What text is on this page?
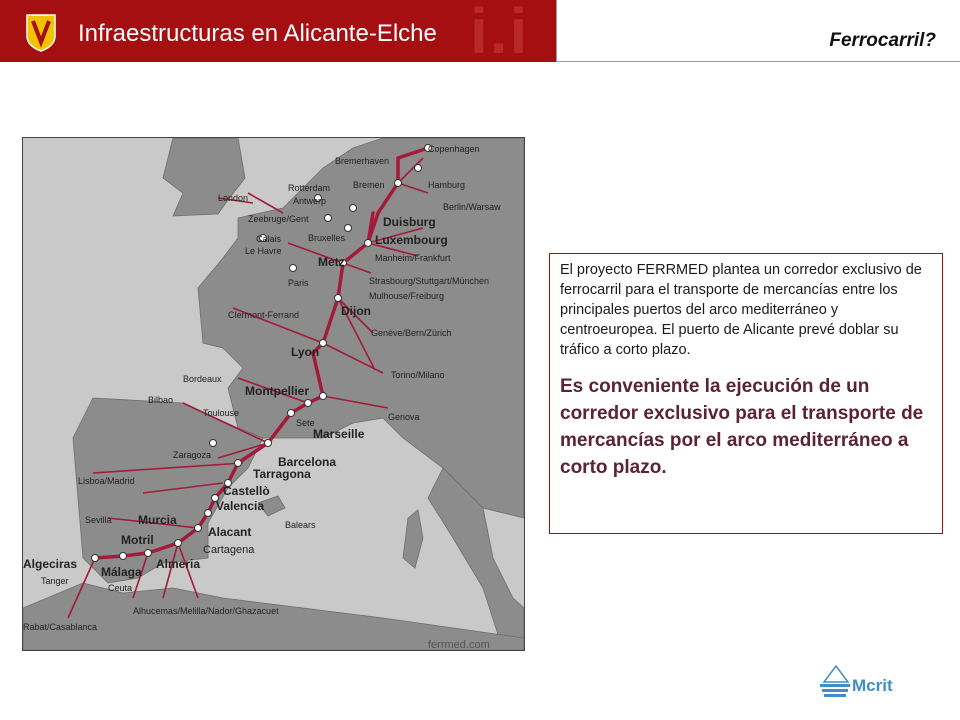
i.i
Infraestructuras en Alicante-Elche	Ferrocarril?
Copenhagen
Bremerhaven
Bremen	Hamburg
Rotterdam
Antwerp
London
Zeebruge/Gent
Berlin/Warsaw
Duisburg
Calais	Bruxelles Luxembourg
Le Havre
Manheim/Frankfurt
Metz
Paris	Strasbourg/Stuttgart/München
Mulhouse/Freiburg
Clermont-Ferrand	Dijon
Genève/Bern/Zürich
Lyon
Torino/Milano
Bordeaux
Montpellier
Bilbao
Toulouse	Genova
Sete
Marseille
Zaragoza	Barcelona
Tarragona
Lisboa/Madrid
Castellò
Valencia
Sevilla	Balears
Murcia
Alacant
Motril
Cartagena
Algeciras	Almeria
Málaga
Tanger
Ceuta
Alhucemas/Melilla/Nador/Ghazacuet
Rabat/Casablanca
ferrmed.com

El proyecto FERRMED plantea un corredor exclusivo de ferrocarril para el transporte de mercancías entre los principales puertos del arco mediterráneo y centroeuropea. El puerto de Alicante prevé doblar su tráfico a corto plazo.

Es conveniente la ejecución de un corredor exclusivo para el transporte de mercancías por el arco mediterráneo a corto plazo.

Mcrit
